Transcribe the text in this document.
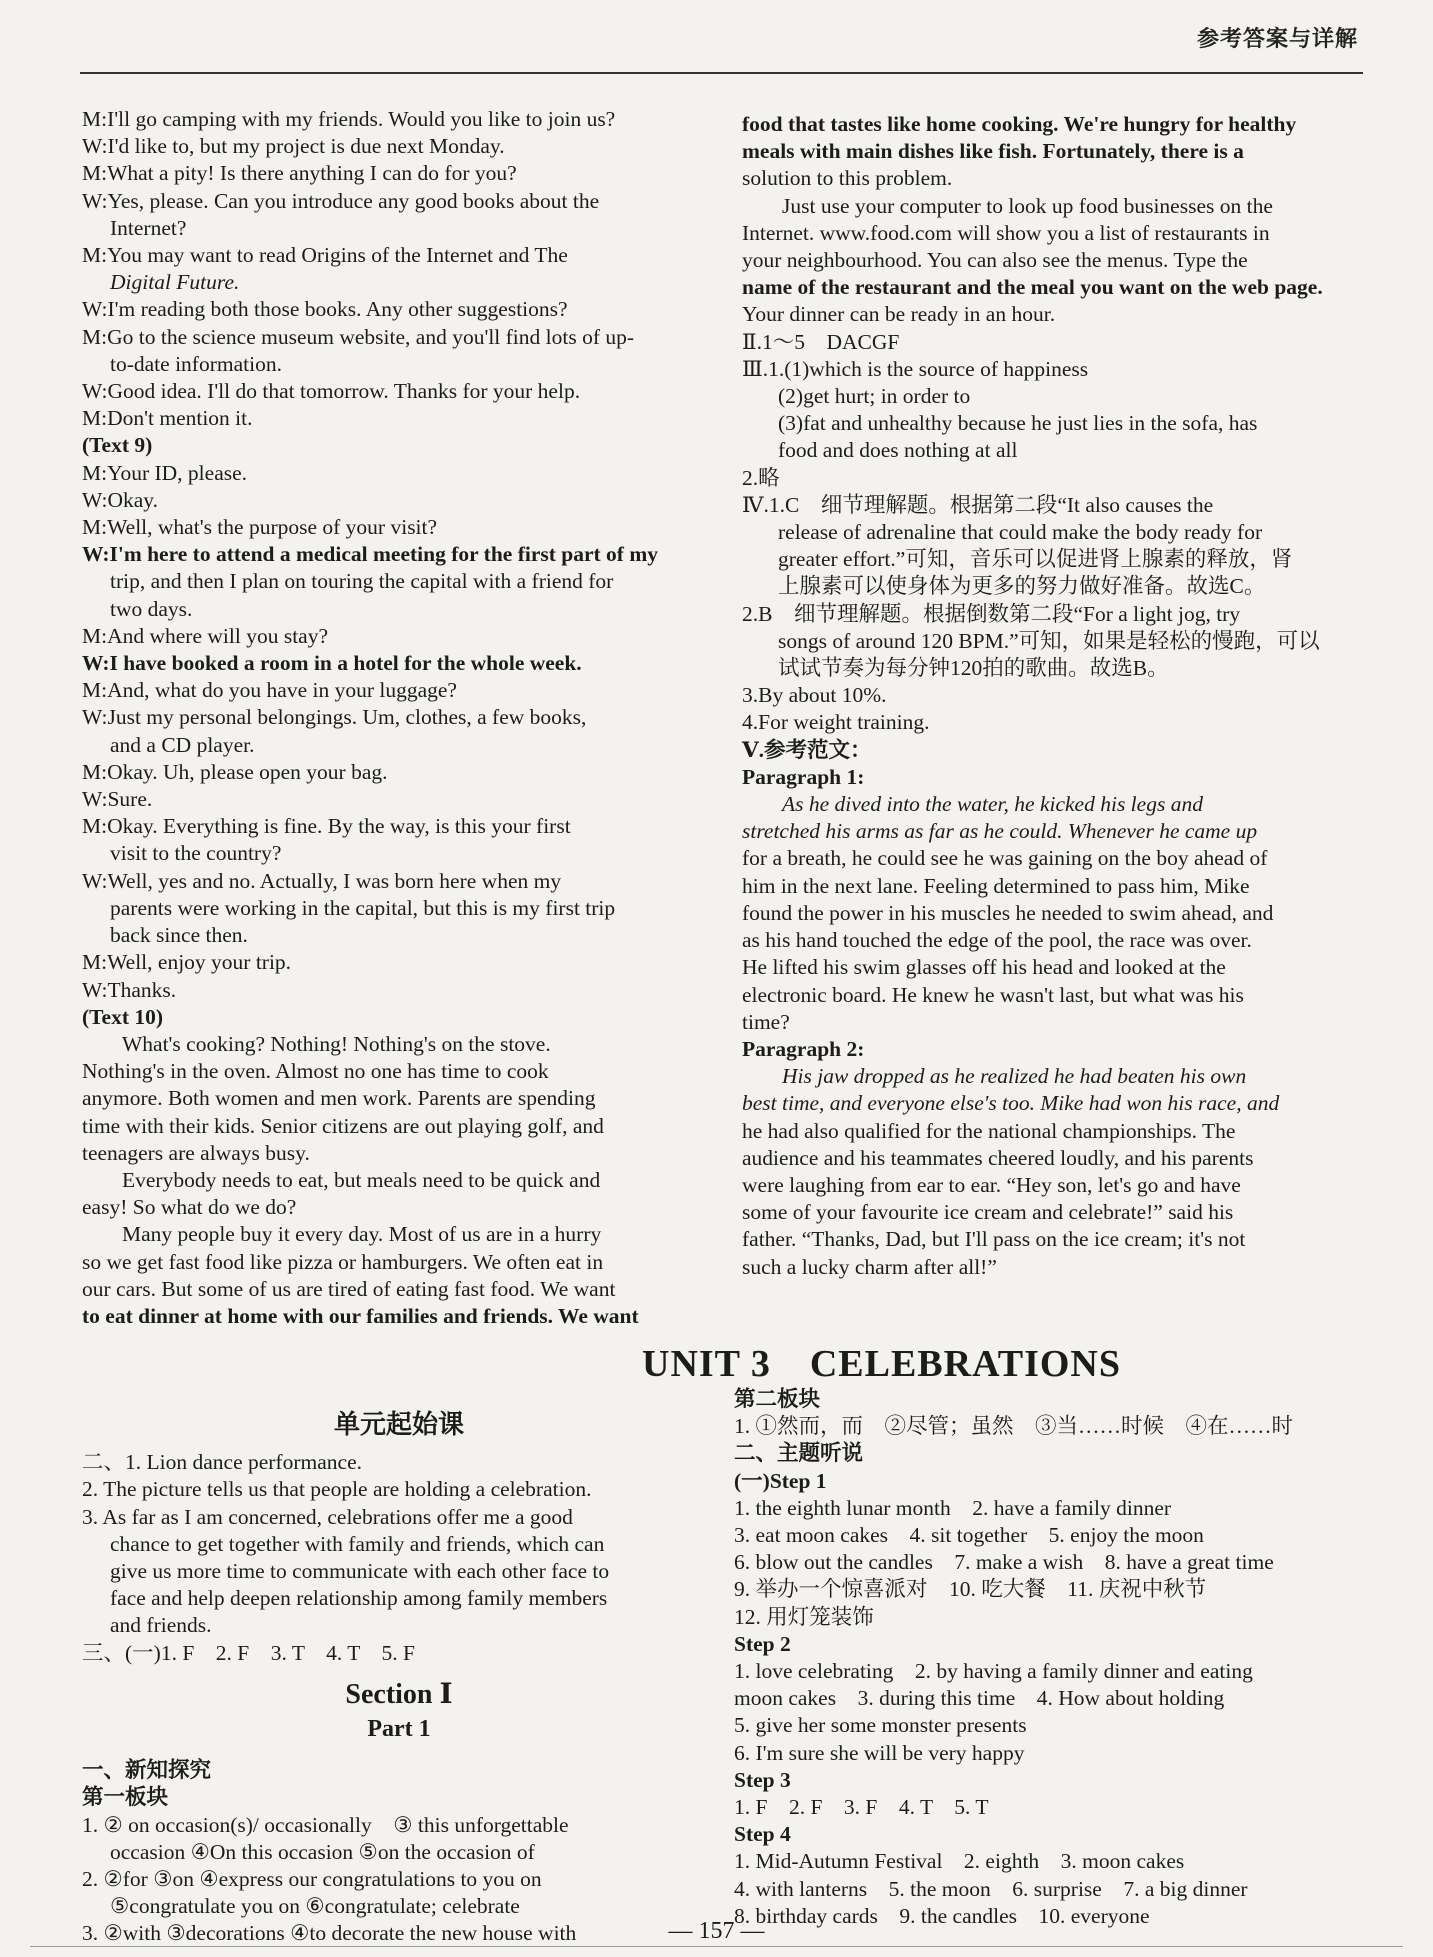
参考答案与详解

M:I'll go camping with my friends. Would you like to join us?

W:I'd like to, but my project is due next Monday.

M:What a pity! Is there anything I can do for you?

W:Yes, please. Can you introduce any good books about the

Internet?

M:You may want to read Origins of the Internet and The

Digital Future.

W:I'm reading both those books. Any other suggestions?

M:Go to the science museum website, and you'll find lots of up-

to-date information.

W:Good idea. I'll do that tomorrow. Thanks for your help.

M:Don't mention it.

(Text 9)

M:Your ID, please.

W:Okay.

M:Well, what's the purpose of your visit?

W:I'm here to attend a medical meeting for the first part of my

trip, and then I plan on touring the capital with a friend for

two days.

M:And where will you stay?

W:I have booked a room in a hotel for the whole week.

M:And, what do you have in your luggage?

W:Just my personal belongings. Um, clothes, a few books,

and a CD player.

M:Okay. Uh, please open your bag.

W:Sure.

M:Okay. Everything is fine. By the way, is this your first

visit to the country?

W:Well, yes and no. Actually, I was born here when my

parents were working in the capital, but this is my first trip

back since then.

M:Well, enjoy your trip.

W:Thanks.

(Text 10)

What's cooking? Nothing! Nothing's on the stove.

Nothing's in the oven. Almost no one has time to cook

anymore. Both women and men work. Parents are spending

time with their kids. Senior citizens are out playing golf, and

teenagers are always busy.

Everybody needs to eat, but meals need to be quick and

easy! So what do we do?

Many people buy it every day. Most of us are in a hurry

so we get fast food like pizza or hamburgers. We often eat in

our cars. But some of us are tired of eating fast food. We want

to eat dinner at home with our families and friends. We want

food that tastes like home cooking. We're hungry for healthy

meals with main dishes like fish. Fortunately, there is a

solution to this problem.

Just use your computer to look up food businesses on the

Internet. www.food.com will show you a list of restaurants in

your neighbourhood. You can also see the menus. Type the

name of the restaurant and the meal you want on the web page.

Your dinner can be ready in an hour.

Ⅱ.1～5　DACGF

Ⅲ.1.(1)which is the source of happiness

(2)get hurt; in order to

(3)fat and unhealthy because he just lies in the sofa, has

food and does nothing at all

2.略

Ⅳ.1.C　细节理解题。根据第二段“It also causes the

release of adrenaline that could make the body ready for

greater effort.”可知，音乐可以促进肾上腺素的释放，肾

上腺素可以使身体为更多的努力做好准备。故选C。

2.B　细节理解题。根据倒数第二段“For a light jog, try

songs of around 120 BPM.”可知，如果是轻松的慢跑，可以

试试节奏为每分钟120拍的歌曲。故选B。

3.By about 10%.

4.For weight training.

Ⅴ.参考范文：

Paragraph 1:

As he dived into the water, he kicked his legs and

stretched his arms as far as he could. Whenever he came up

for a breath, he could see he was gaining on the boy ahead of

him in the next lane. Feeling determined to pass him, Mike

found the power in his muscles he needed to swim ahead, and

as his hand touched the edge of the pool, the race was over.

He lifted his swim glasses off his head and looked at the

electronic board. He knew he wasn't last, but what was his

time?

Paragraph 2:

His jaw dropped as he realized he had beaten his own

best time, and everyone else's too. Mike had won his race, and

he had also qualified for the national championships. The

audience and his teammates cheered loudly, and his parents

were laughing from ear to ear. “Hey son, let's go and have

some of your favourite ice cream and celebrate!” said his

father. “Thanks, Dad, but I'll pass on the ice cream; it's not

such a lucky charm after all!”

UNIT 3　CELEBRATIONS
单元起始课

二、1. Lion dance performance.

2. The picture tells us that people are holding a celebration.

3. As far as I am concerned, celebrations offer me a good

chance to get together with family and friends, which can

give us more time to communicate with each other face to

face and help deepen relationship among family members

and friends.

三、(一)1. F　2. F　3. T　4. T　5. F

Section Ⅰ
Part 1

一、新知探究

第一板块

1. ② on occasion(s)/ occasionally　③ this unforgettable

occasion ④On this occasion ⑤on the occasion of

2. ②for ③on ④express our congratulations to you on

⑤congratulate you on ⑥congratulate; celebrate

3. ②with ③decorations ④to decorate the new house with

第二板块

1. ①然而，而　②尽管；虽然　③当……时候　④在……时

二、主题听说

(一)Step 1

1. the eighth lunar month　2. have a family dinner

3. eat moon cakes　4. sit together　5. enjoy the moon

6. blow out the candles　7. make a wish　8. have a great time

9. 举办一个惊喜派对　10. 吃大餐　11. 庆祝中秋节

12. 用灯笼装饰

Step 2

1. love celebrating　2. by having a family dinner and eating

moon cakes　3. during this time　4. How about holding

5. give her some monster presents

6. I'm sure she will be very happy

Step 3

1. F　2. F　3. F　4. T　5. T

Step 4

1. Mid-Autumn Festival　2. eighth　3. moon cakes

4. with lanterns　5. the moon　6. surprise　7. a big dinner

8. birthday cards　9. the candles　10. everyone

— 157 —
